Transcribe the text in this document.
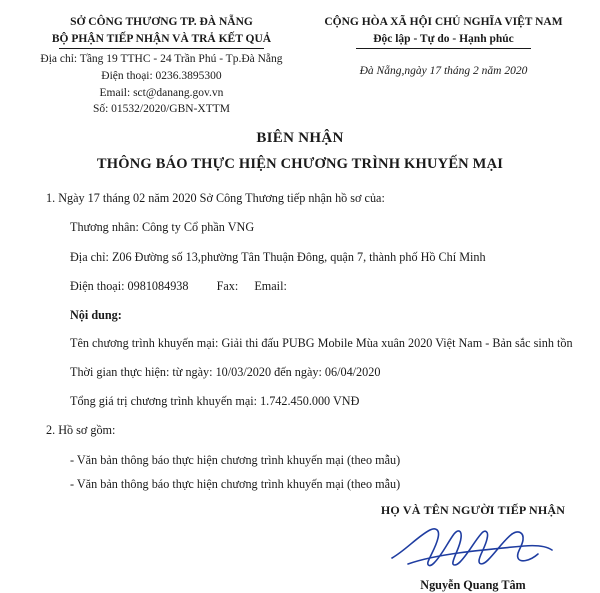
SỞ CÔNG THƯƠNG TP. ĐÀ NẴNG
BỘ PHẬN TIẾP NHẬN VÀ TRẢ KẾT QUẢ
Địa chỉ: Tầng 19 TTHC - 24 Trần Phú - Tp.Đà Nẵng
Điện thoại: 0236.3895300
Email: sct@danang.gov.vn
Số: 01532/2020/GBN-XTTM
CỘNG HÒA XÃ HỘI CHỦ NGHĨA VIỆT NAM
Độc lập - Tự do - Hạnh phúc
Đà Nẵng,ngày 17 tháng 2 năm 2020
BIÊN NHẬN
THÔNG BÁO THỰC HIỆN CHƯƠNG TRÌNH KHUYẾN MẠI
1. Ngày 17 tháng 02 năm 2020 Sở Công Thương tiếp nhận hồ sơ của:
Thương nhân: Công ty Cổ phần VNG
Địa chỉ: Z06 Đường số 13,phường Tân Thuận Đông, quận 7, thành phố Hồ Chí Minh
Điện thoại: 0981084938 Fax: Email:
Nội dung:
Tên chương trình khuyến mại: Giải thi đấu PUBG Mobile Mùa xuân 2020 Việt Nam - Bản sắc sinh tồn
Thời gian thực hiện: từ ngày: 10/03/2020 đến ngày: 06/04/2020
Tổng giá trị chương trình khuyến mại: 1.742.450.000 VNĐ
2. Hồ sơ gồm:
- Văn bản thông báo thực hiện chương trình khuyến mại (theo mẫu)
- Văn bản thông báo thực hiện chương trình khuyến mại (theo mẫu)
HỌ VÀ TÊN NGƯỜI TIẾP NHẬN
Nguyễn Quang Tâm
